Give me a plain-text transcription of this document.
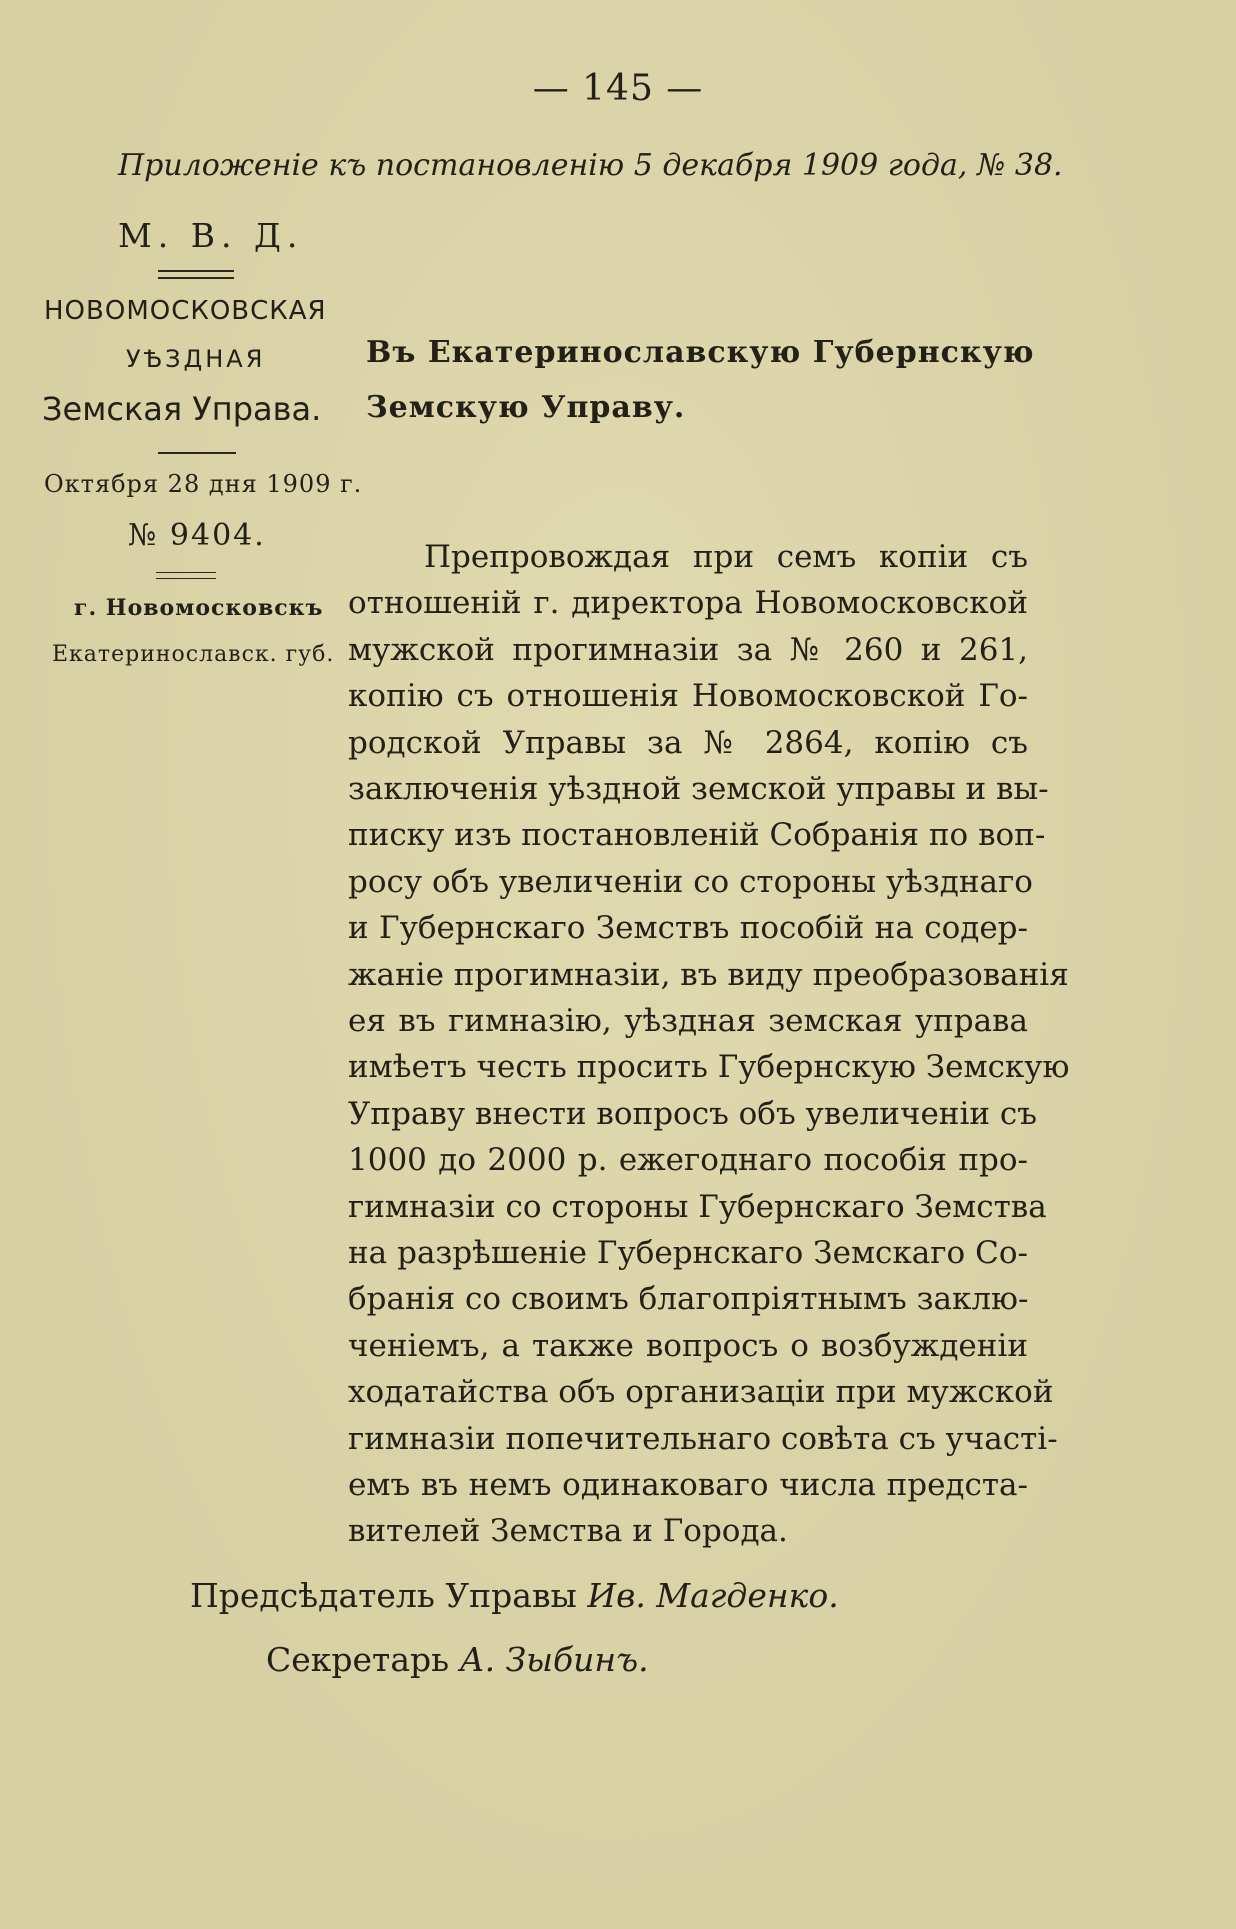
— 145 —
Приложеніе къ постановленію 5 декабря 1909 года, № 38.
М. В. Д.
НОВОМОСКОВСКАЯ
УѢЗДНАЯ
Земская Управа.
Октября 28 дня 1909 г.
№ 9404.
г. Новомосковскъ
Екатеринославск. губ.
Въ Екатеринославскую Губернскую
Земскую Управу.
Препровождая при семъ копіи съ
отношеній г. директора Новомосковской
мужской прогимназіи за № 260 и 261,
копію съ отношенія Новомосковской Го-
родской Управы за № 2864, копію съ
заключенія уѣздной земской управы и вы-
писку изъ постановленій Собранія по воп-
росу объ увеличеніи со стороны уѣзднаго
и Губернскаго Земствъ пособій на содер-
жаніе прогимназіи, въ виду преобразованія
ея въ гимназію, уѣздная земская управа
имѣетъ честь просить Губернскую Земскую
Управу внести вопросъ объ увеличеніи съ
1000 до 2000 р. ежегоднаго пособія про-
гимназіи со стороны Губернскаго Земства
на разрѣшеніе Губернскаго Земскаго Со-
бранія со своимъ благопріятнымъ заклю-
ченіемъ, а также вопросъ о возбужденіи
ходатайства объ организаціи при мужской
гимназіи попечительнаго совѣта съ участі-
емъ въ немъ одинаковаго числа предста-
вителей Земства и Города.
Предсѣдатель Управы Ив. Магденко.
Секретарь А. Зыбинъ.
